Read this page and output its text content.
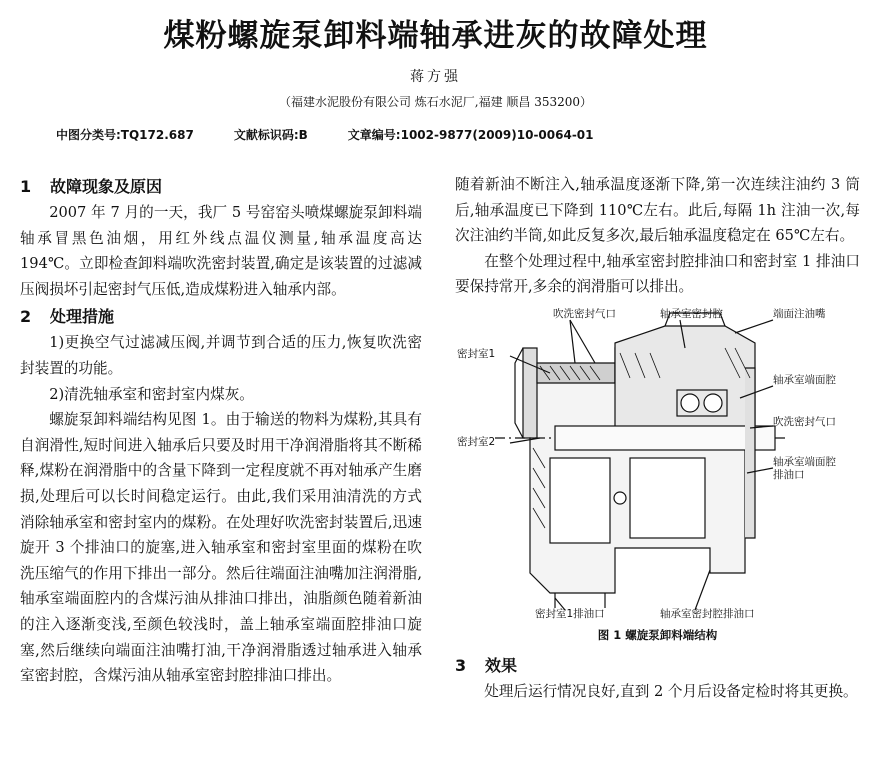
煤粉螺旋泵卸料端轴承进灰的故障处理
蒋方强
（福建水泥股份有限公司 炼石水泥厂,福建 顺昌 353200）
中图分类号:TQ172.687	文献标识码:B	文章编号:1002-9877(2009)10-0064-01
1 故障现象及原因

2007 年 7 月的一天，我厂 5 号窑窑头喷煤螺旋泵卸料端轴承冒黑色油烟，用红外线点温仪测量,轴承温度高达 194℃。立即检查卸料端吹洗密封装置,确定是该装置的过滤减压阀损坏引起密封气压低,造成煤粉进入轴承内部。

2 处理措施

1)更换空气过滤减压阀,并调节到合适的压力,恢复吹洗密封装置的功能。

2)清洗轴承室和密封室内煤灰。

螺旋泵卸料端结构见图 1。由于输送的物料为煤粉,其具有自润滑性,短时间进入轴承后只要及时用干净润滑脂将其不断稀释,煤粉在润滑脂中的含量下降到一定程度就不再对轴承产生磨损,处理后可以长时间稳定运行。由此,我们采用油清洗的方式消除轴承室和密封室内的煤粉。在处理好吹洗密封装置后,迅速旋开 3 个排油口的旋塞,进入轴承室和密封室里面的煤粉在吹洗压缩气的作用下排出一部分。然后往端面注油嘴加注润滑脂,轴承室端面腔内的含煤污油从排油口排出，油脂颜色随着新油的注入逐渐变浅,至颜色较浅时，盖上轴承室端面腔排油口旋塞,然后继续向端面注油嘴打油,干净润滑脂透过轴承进入轴承室密封腔，含煤污油从轴承室密封腔排油口排出。

随着新油不断注入,轴承温度逐渐下降,第一次连续注油约 3 筒后,轴承温度已下降到 110℃左右。此后,每隔 1h 注油一次,每次注油约半筒,如此反复多次,最后轴承温度稳定在 65℃左右。

在整个处理过程中,轴承室密封腔排油口和密封室 1 排油口要保持常开,多余的润滑脂可以排出。

吹洗密封气口	轴承室密封腔	端面注油嘴
密封室1
密封室2
轴承室端面腔
吹洗密封气口
轴承室端面腔
排油口
密封室1排油口	轴承室密封腔排油口
图 1 螺旋泵卸料端结构
3 效果

处理后运行情况良好,直到 2 个月后设备定检时将其更换。
